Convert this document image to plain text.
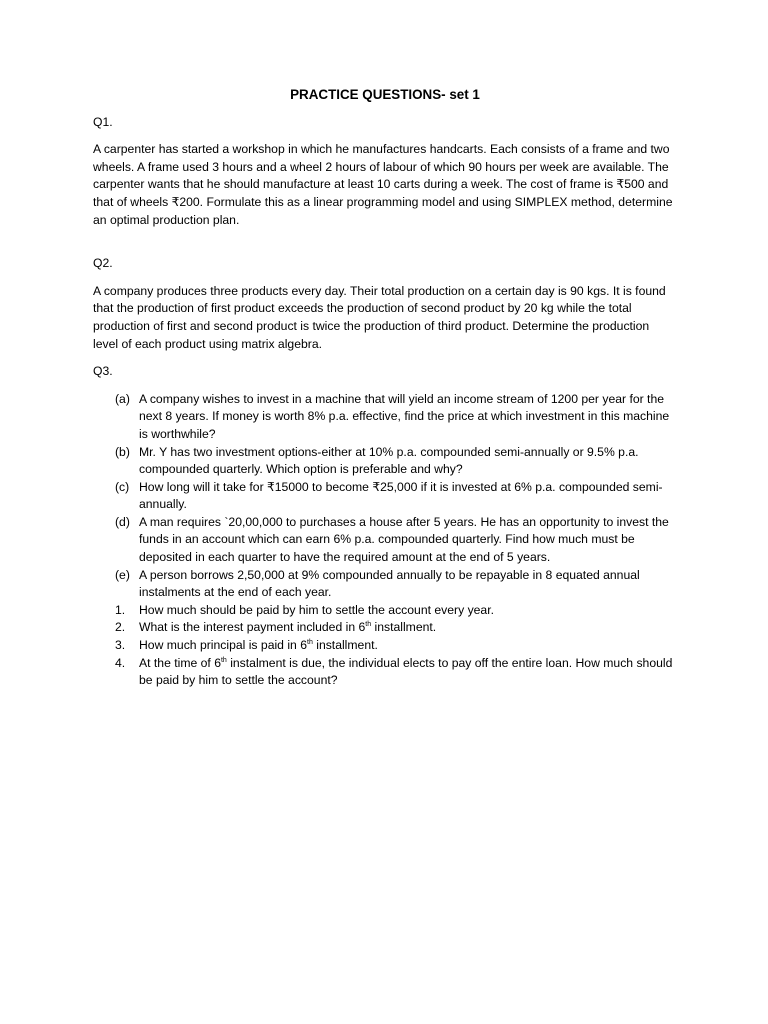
PRACTICE QUESTIONS- set 1
Q1.
A carpenter has started a workshop in which he manufactures handcarts. Each consists of a frame and two wheels. A frame used 3 hours and a wheel 2 hours of labour of which 90 hours per week are available. The carpenter wants that he should manufacture at least 10 carts during a week. The cost of frame is ₹500 and that of wheels ₹200. Formulate this as a linear programming model and using SIMPLEX method, determine an optimal production plan.
Q2.
A company produces three products every day. Their total production on a certain day is 90 kgs. It is found that the production of first product exceeds the production of second product by 20 kg while the total production of first and second product is twice the production of third product. Determine the production level of each product using matrix algebra.
Q3.
(a) A company wishes to invest in a machine that will yield an income stream of 1200 per year for the next 8 years. If money is worth 8% p.a. effective, find the price at which investment in this machine is worthwhile?
(b) Mr. Y has two investment options-either at 10% p.a. compounded semi-annually or 9.5% p.a. compounded quarterly. Which option is preferable and why?
(c) How long will it take for ₹15000 to become ₹25,000 if it is invested at 6% p.a. compounded semi-annually.
(d) A man requires `20,00,000 to purchases a house after 5 years. He has an opportunity to invest the funds in an account which can earn 6% p.a. compounded quarterly. Find how much must be deposited in each quarter to have the required amount at the end of 5 years.
(e) A person borrows 2,50,000 at 9% compounded annually to be repayable in 8 equated annual instalments at the end of each year.
1. How much should be paid by him to settle the account every year.
2. What is the interest payment included in 6th installment.
3. How much principal is paid in 6th installment.
4. At the time of 6th instalment is due, the individual elects to pay off the entire loan. How much should be paid by him to settle the account?
